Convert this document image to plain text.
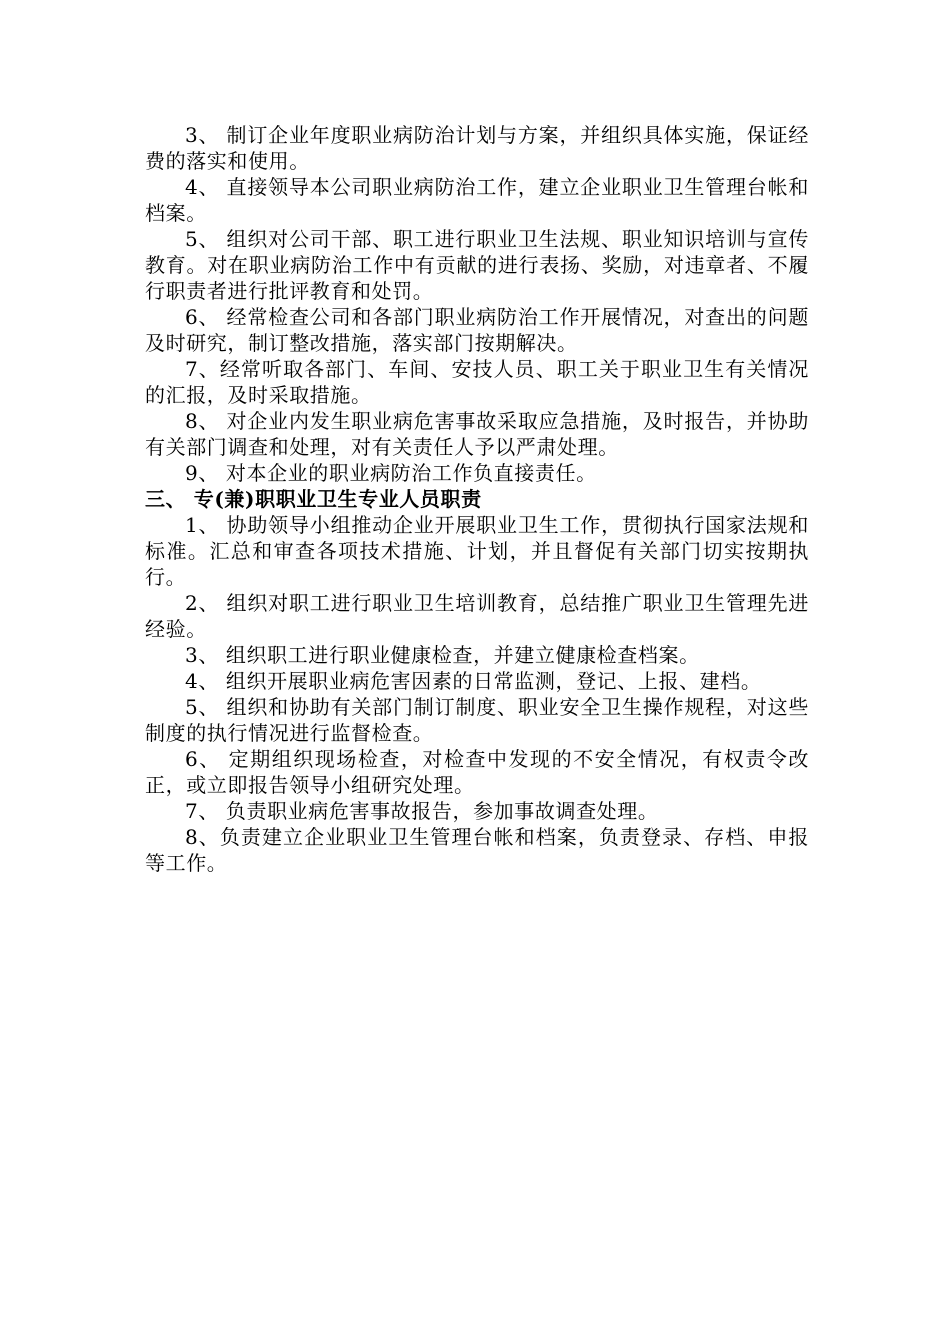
3、 制订企业年度职业病防治计划与方案，并组织具体实施，保证经费的落实和使用。

4、 直接领导本公司职业病防治工作，建立企业职业卫生管理台帐和档案。

5、 组织对公司干部、职工进行职业卫生法规、职业知识培训与宣传教育。对在职业病防治工作中有贡献的进行表扬、奖励，对违章者、不履行职责者进行批评教育和处罚。

6、 经常检查公司和各部门职业病防治工作开展情况，对查出的问题及时研究，制订整改措施，落实部门按期解决。

7、经常听取各部门、车间、安技人员、职工关于职业卫生有关情况的汇报，及时采取措施。

8、 对企业内发生职业病危害事故采取应急措施，及时报告，并协助有关部门调查和处理，对有关责任人予以严肃处理。

9、 对本企业的职业病防治工作负直接责任。

三、 专(兼)职职业卫生专业人员职责

1、 协助领导小组推动企业开展职业卫生工作，贯彻执行国家法规和标准。汇总和审查各项技术措施、计划，并且督促有关部门切实按期执行。

2、 组织对职工进行职业卫生培训教育，总结推广职业卫生管理先进经验。

3、 组织职工进行职业健康检查，并建立健康检查档案。

4、 组织开展职业病危害因素的日常监测，登记、上报、建档。

5、 组织和协助有关部门制订制度、职业安全卫生操作规程，对这些制度的执行情况进行监督检查。

6、 定期组织现场检查，对检查中发现的不安全情况，有权责令改正，或立即报告领导小组研究处理。

7、 负责职业病危害事故报告，参加事故调查处理。

8、负责建立企业职业卫生管理台帐和档案，负责登录、存档、申报等工作。
